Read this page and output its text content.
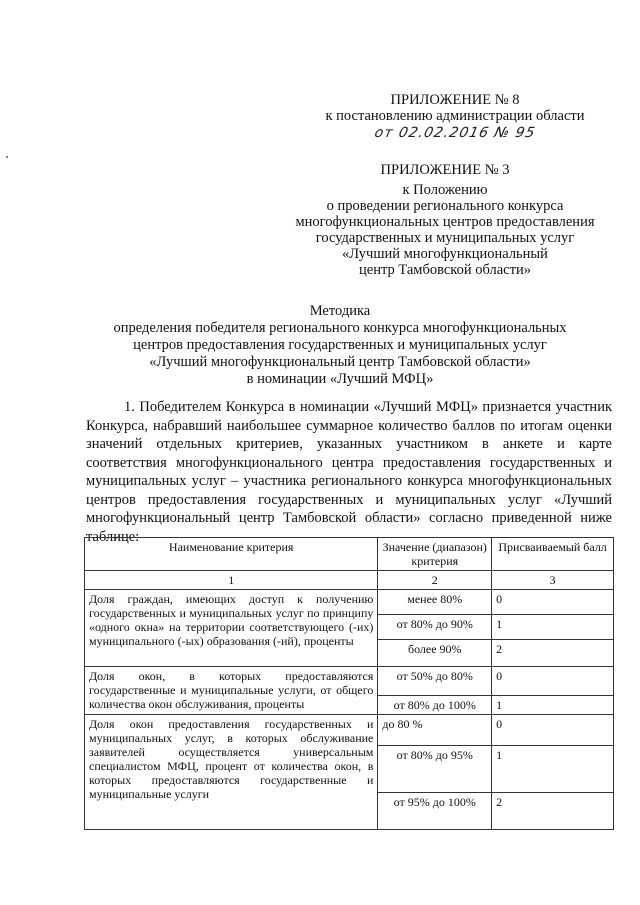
ПРИЛОЖЕНИЕ № 8
к постановлению администрации области
от 02.02.2016 № 95
ПРИЛОЖЕНИЕ № 3
к Положению
о проведении регионального конкурса
многофункциональных центров предоставления
государственных и муниципальных услуг
«Лучший многофункциональный
центр Тамбовской области»
Методика
определения победителя регионального конкурса многофункциональных
центров предоставления государственных и муниципальных услуг
«Лучший многофункциональный центр Тамбовской области»
в номинации «Лучший МФЦ»

1. Победителем Конкурса в номинации «Лучший МФЦ» признается участник Конкурса, набравший наибольшее суммарное количество баллов по итогам оценки значений отдельных критериев, указанных участником в анкете и карте соответствия многофункционального центра предоставления государственных и муниципальных услуг – участника регионального конкурса многофункциональных центров предоставления государственных и муниципальных услуг «Лучший многофункциональный центр Тамбовской области» согласно приведенной ниже таблице:

Наименование критерия	Значение (диапазон) критерия	Присваиваемый балл
1	2	3
Доля граждан, имеющих доступ к получению государственных и муниципальных услуг по принципу «одного окна» на территории соответствующего (-их) муниципального (-ых) образования (-ий), проценты	менее 80%	0
	от 80% до 90%	1
	более 90%	2
Доля окон, в которых предоставляются государственные и муниципальные услуги, от общего количества окон обслуживания, проценты	от 50% до 80%	0
	от 80% до 100%	1
Доля окон предоставления государственных и муниципальных услуг, в которых обслуживание заявителей осуществляется универсальным специалистом МФЦ, процент от количества окон, в которых предоставляются государственные и муниципальные услуги	до 80 %	0
	от 80% до 95%	1
	от 95% до 100%	2
